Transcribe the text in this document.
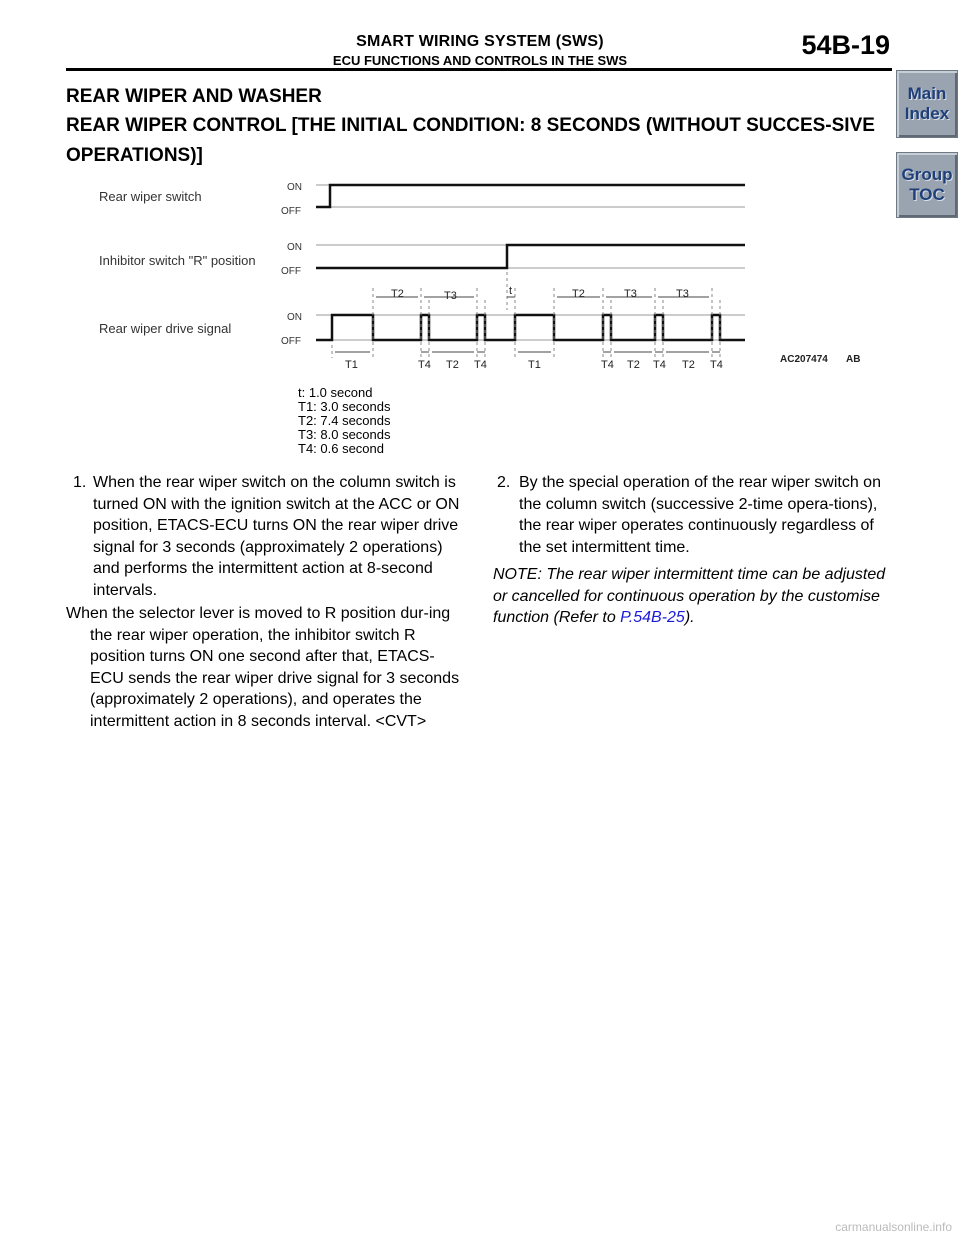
SMART WIRING SYSTEM (SWS)
ECU FUNCTIONS AND CONTROLS IN THE SWS
54B-19
Main
Index
Group
TOC
REAR WIPER AND WASHER
REAR WIPER CONTROL [THE INITIAL CONDITION: 8 SECONDS (WITHOUT SUCCES-SIVE OPERATIONS)]
Rear wiper switch
Inhibitor switch "R" position
Rear wiper drive signal
ON
OFF
ON
OFF
ON
OFF
T2	T3	t	T2	T3	T3
T1	T4 T2 T4	T1	T4 T2 T4 T2 T4	AC207474 AB
t: 1.0 second
T1: 3.0 seconds
T2: 7.4 seconds
T3: 8.0 seconds
T4: 0.6 second
1. When the rear wiper switch on the column switch is turned ON with the ignition switch at the ACC or ON position, ETACS-ECU turns ON the rear wiper drive signal for 3 seconds (approximately 2 operations) and performs the intermittent action at 8-second intervals.

When the selector lever is moved to R position dur-ing the rear wiper operation, the inhibitor switch R position turns ON one second after that, ETACS-ECU sends the rear wiper drive signal for 3 seconds (approximately 2 operations), and operates the intermittent action in 8 seconds interval. <CVT>

2. By the special operation of the rear wiper switch on the column switch (successive 2-time opera-tions), the rear wiper operates continuously regardless of the set intermittent time.

NOTE: The rear wiper intermittent time can be adjusted or cancelled for continuous operation by the customise function (Refer to P.54B-25).

carmanualsonline.info
